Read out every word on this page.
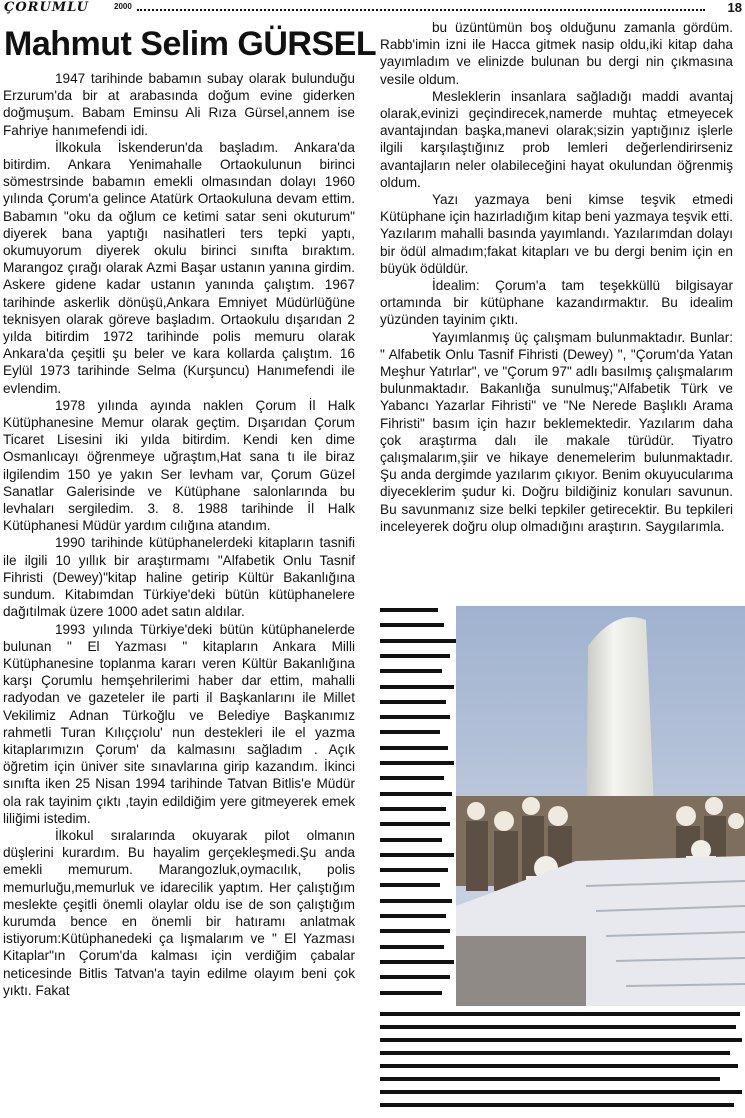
ÇORUMLU	2000	18
Mahmut Selim GÜRSEL

1947 tarihinde babamın subay olarak bulunduğu Erzurum'da bir at arabasında doğum evine giderken doğmuşum. Babam Eminsu Ali Rıza Gürsel,annem ise Fahriye hanımefendi idi.

İlkokula İskenderun'da başladım. Ankara'da bitirdim. Ankara Yenimahalle Ortaokulunun birinci sömestrsinde babamın emekli olmasından dolayı 1960 yılında Çorum'a gelince Atatürk Ortaokuluna devam ettim. Babamın "oku da oğlum ce ketimi satar seni okuturum" diyerek bana yaptığı nasihatleri ters tepki yaptı, okumuyorum diyerek okulu birinci sınıfta bıraktım. Marangoz çırağı olarak Azmi Başar ustanın yanına girdim. Askere gidene kadar ustanın yanında çalıştım. 1967 tarihinde askerlik dönüşü,Ankara Emniyet Müdürlüğüne teknisyen olarak göreve başladım. Ortaokulu dışarıdan 2 yılda bitirdim 1972 tarihinde polis memuru olarak Ankara'da çeşitli şu beler ve kara kollarda çalıştım. 16 Eylül 1973 tarihinde Selma (Kurşuncu) Hanımefendi ile evlendim.

1978 yılında ayında naklen Çorum İl Halk Kütüphanesine Memur olarak geçtim. Dışarıdan Çorum Ticaret Lisesini iki yılda bitirdim. Kendi ken dime Osmanlıcayı öğrenmeye uğraştım,Hat sana tı ile biraz ilgilendim 150 ye yakın Ser levham var, Çorum Güzel Sanatlar Galerisinde ve Kütüphane salonlarında bu levhaları sergiledim. 3. 8. 1988 tarihinde İl Halk Kütüphanesi Müdür yardım cılığına atandım.

1990 tarihinde kütüphanelerdeki kitapların tasnifi ile ilgili 10 yıllık bir araştırmamı "Alfabetik Onlu Tasnif Fihristi (Dewey)"kitap haline getirip Kültür Bakanlığına sundum. Kitabımdan Türkiye'deki bütün kütüphanelere dağıtılmak üzere 1000 adet satın aldılar.

1993 yılında Türkiye'deki bütün kütüphanelerde bulunan " El Yazması " kitapların Ankara Milli Kütüphanesine toplanma kararı veren Kültür Bakanlığına karşı Çorumlu hemşehrilerimi haber dar ettim, mahalli radyodan ve gazeteler ile parti il Başkanlarını ile Millet Vekilimiz Adnan Türkoğlu ve Belediye Başkanımız rahmetli Turan Kılıççıolu' nun destekleri ile el yazma kitaplarımızın Çorum' da kalmasını sağladım . Açık öğretim için üniver site sınavlarına girip kazandım. İkinci sınıfta iken 25 Nisan 1994 tarihinde Tatvan Bitlis'e Müdür ola rak tayinim çıktı ,tayin edildiğim yere gitmeyerek emek liliğimi istedim.

İlkokul sıralarında okuyarak pilot olmanın düşlerini kurardım. Bu hayalim gerçekleşmedi.Şu anda emekli memurum. Marangozluk,oymacılık, polis memurluğu,memurluk ve idarecilik yaptım. Her çalıştığım meslekte çeşitli önemli olaylar oldu ise de son çalıştığım kurumda bence en önemli bir hatıramı anlatmak istiyorum:Kütüphanedeki ça lışmalarım ve " El Yazması Kitaplar"ın Çorum'da kalması için verdiğim çabalar neticesinde Bitlis Tatvan'a tayin edilme olayım beni çok yıktı. Fakat

bu üzüntümün boş olduğunu zamanla gördüm. Rabb'imin izni ile Hacca gitmek nasip oldu,iki kitap daha yayımladım ve elinizde bulunan bu dergi nin çıkmasına vesile oldum.

Mesleklerin insanlara sağladığı maddi avantaj olarak,evinizi geçindirecek,namerde muhtaç etmeyecek avantajından başka,manevi olarak;sizin yaptığınız işlerle ilgili karşılaştığınız prob lemleri değerlendirirseniz avantajların neler olabileceğini hayat okulundan öğrenmiş oldum.

Yazı yazmaya beni kimse teşvik etmedi Kütüphane için hazırladığım kitap beni yazmaya teşvik etti. Yazılarım mahalli basında yayımlandı. Yazılarımdan dolayı bir ödül almadım;fakat kitapları ve bu dergi benim için en büyük ödüldür.

İdealim: Çorum'a tam teşekküllü bilgisayar ortamında bir kütüphane kazandırmaktır. Bu idealim yüzünden tayinim çıktı.

Yayımlanmış üç çalışmam bulunmaktadır. Bunlar: " Alfabetik Onlu Tasnif Fihristi (Dewey) ", "Çorum'da Yatan Meşhur Yatırlar", ve "Çorum 97" adlı basılmış çalışmalarım bulunmaktadır. Bakanlığa sunulmuş;"Alfabetik Türk ve Yabancı Yazarlar Fihristi" ve "Ne Nerede Başlıklı Arama Fihristi" basım için hazır beklemektedir. Yazılarım daha çok araştırma dalı ile makale türüdür. Tiyatro çalışmalarım,şiir ve hikaye denemelerim bulunmaktadır. Şu anda dergimde yazılarım çıkıyor. Benim okuyucularıma diyeceklerim şudur ki. Doğru bildiğiniz konuları savunun. Bu savunmanız size belki tepkiler getirecektir. Bu tepkileri inceleyerek doğru olup olmadığını araştırın. Saygılarımla.
